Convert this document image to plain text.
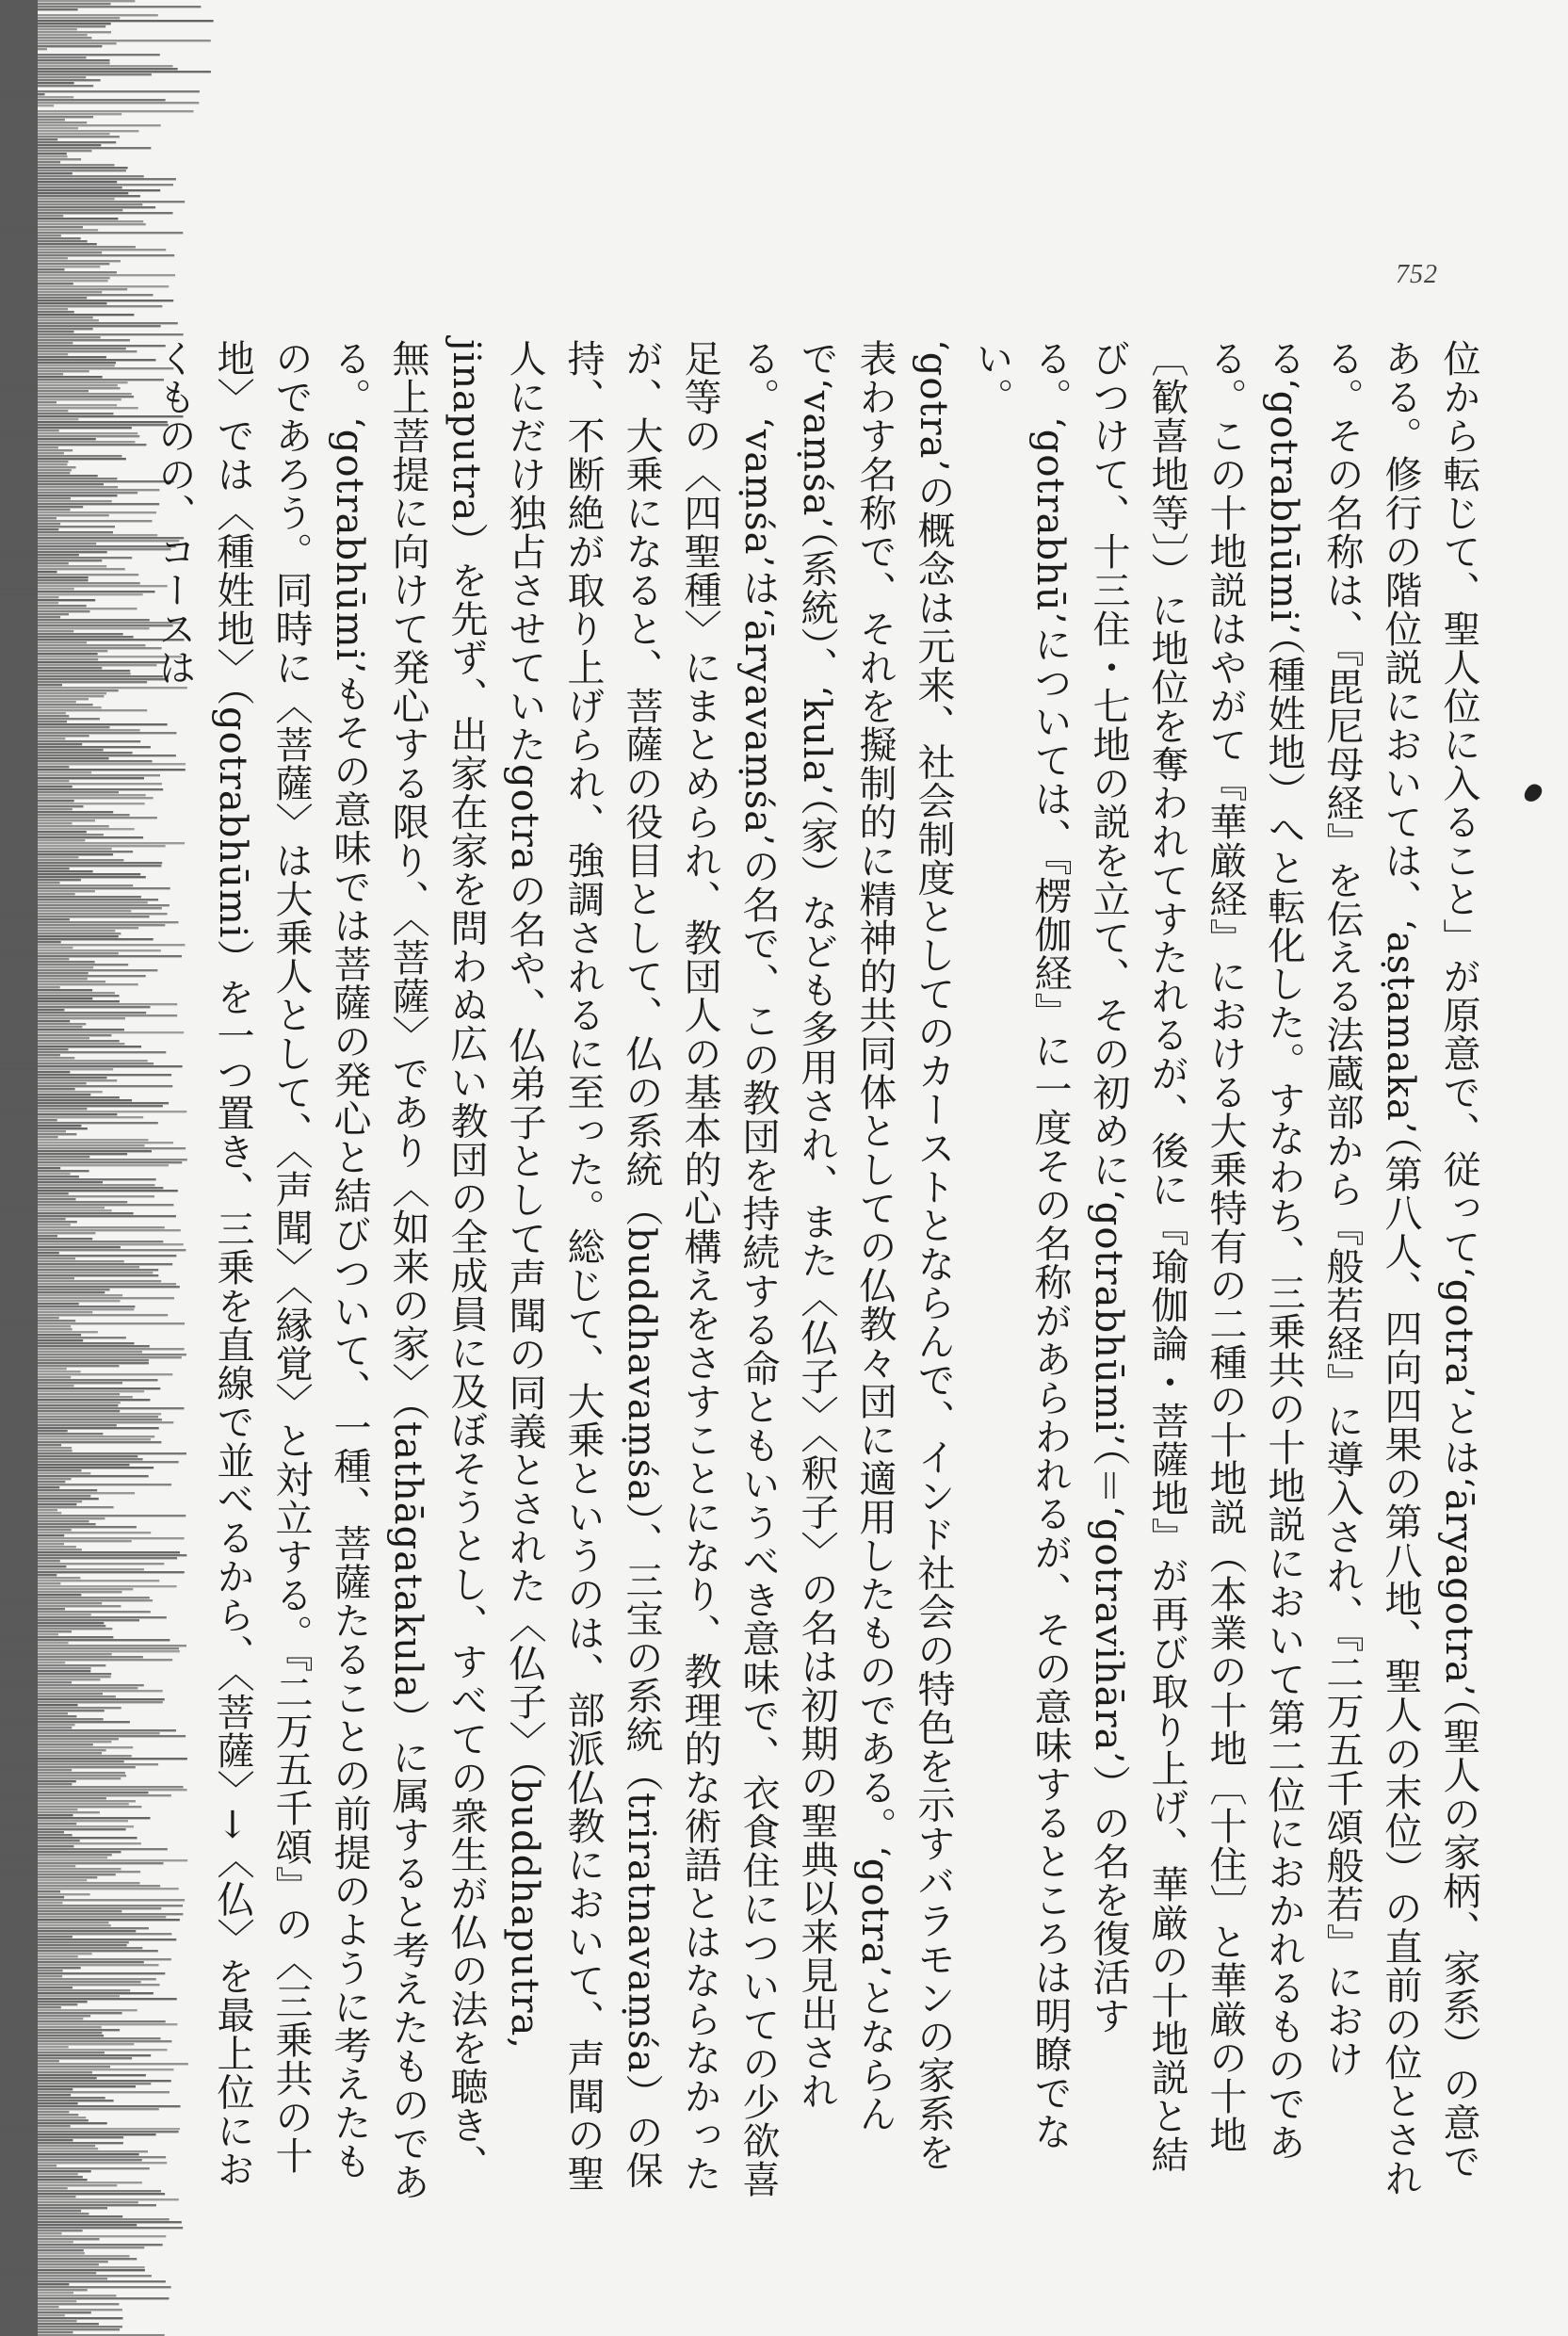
752

位から転じて、聖人位に入ること」が原意で、従って‘gotra’とは‘āryagotra’（聖人の家柄、家系）の意である。修行の階位説においては、‘aṣṭamaka’（第八人、四向四果の第八地、聖人の末位）の直前の位とされる。その名称は、『毘尼母経』を伝える法蔵部から『般若経』に導入され、『二万五千頌般若』における‘gotrabhūmi’（種姓地）へと転化した。すなわち、三乗共の十地説において第二位におかれるものである。この十地説はやがて『華厳経』における大乗特有の二種の十地説（本業の十地〔十住〕と華厳の十地〔歓喜地等〕）に地位を奪われてすたれるが、後に『瑜伽論・菩薩地』が再び取り上げ、華厳の十地説と結びつけて、十三住・七地の説を立て、その初めに‘gotrabhūmi’（＝‘gotravihāra’）の名を復活する。‘gotrabhū’については、『楞伽経』に一度その名称があらわれるが、その意味するところは明瞭でない。

‘gotra’の概念は元来、社会制度としてのカーストとならんで、インド社会の特色を示すバラモンの家系を表わす名称で、それを擬制的に精神的共同体としての仏教々団に適用したものである。‘gotra’とならんで‘vaṃśa’（系統）、‘kula’（家）なども多用され、また〈仏子〉〈釈子〉の名は初期の聖典以来見出される。‘vaṃśa’は‘āryavaṃśa’の名で、この教団を持続する命ともいうべき意味で、衣食住についての少欲喜足等の〈四聖種〉にまとめられ、教団人の基本的心構えをさすことになり、教理的な術語とはならなかったが、大乗になると、菩薩の役目として、仏の系統（buddhavaṃśa）、三宝の系統（triratnavaṃśa）の保持、不断絶が取り上げられ、強調されるに至った。総じて、大乗というのは、部派仏教において、声聞の聖人にだけ独占させていたgotraの名や、仏弟子として声聞の同義とされた〈仏子〉（buddhaputra, jinaputra）を先ず、出家在家を問わぬ広い教団の全成員に及ぼそうとし、すべての衆生が仏の法を聴き、無上菩提に向けて発心する限り、〈菩薩〉であり〈如来の家〉（tathāgatakula）に属すると考えたものである。‘gotrabhūmi’もその意味では菩薩の発心と結びついて、一種、菩薩たることの前提のように考えたものであろう。同時に〈菩薩〉は大乗人として、〈声聞〉〈縁覚〉と対立する。『二万五千頌』の〈三乗共の十地〉では〈種姓地〉（gotrabhūmi）を一つ置き、三乗を直線で並べるから、〈菩薩〉→〈仏〉を最上位におくものの、コースは
